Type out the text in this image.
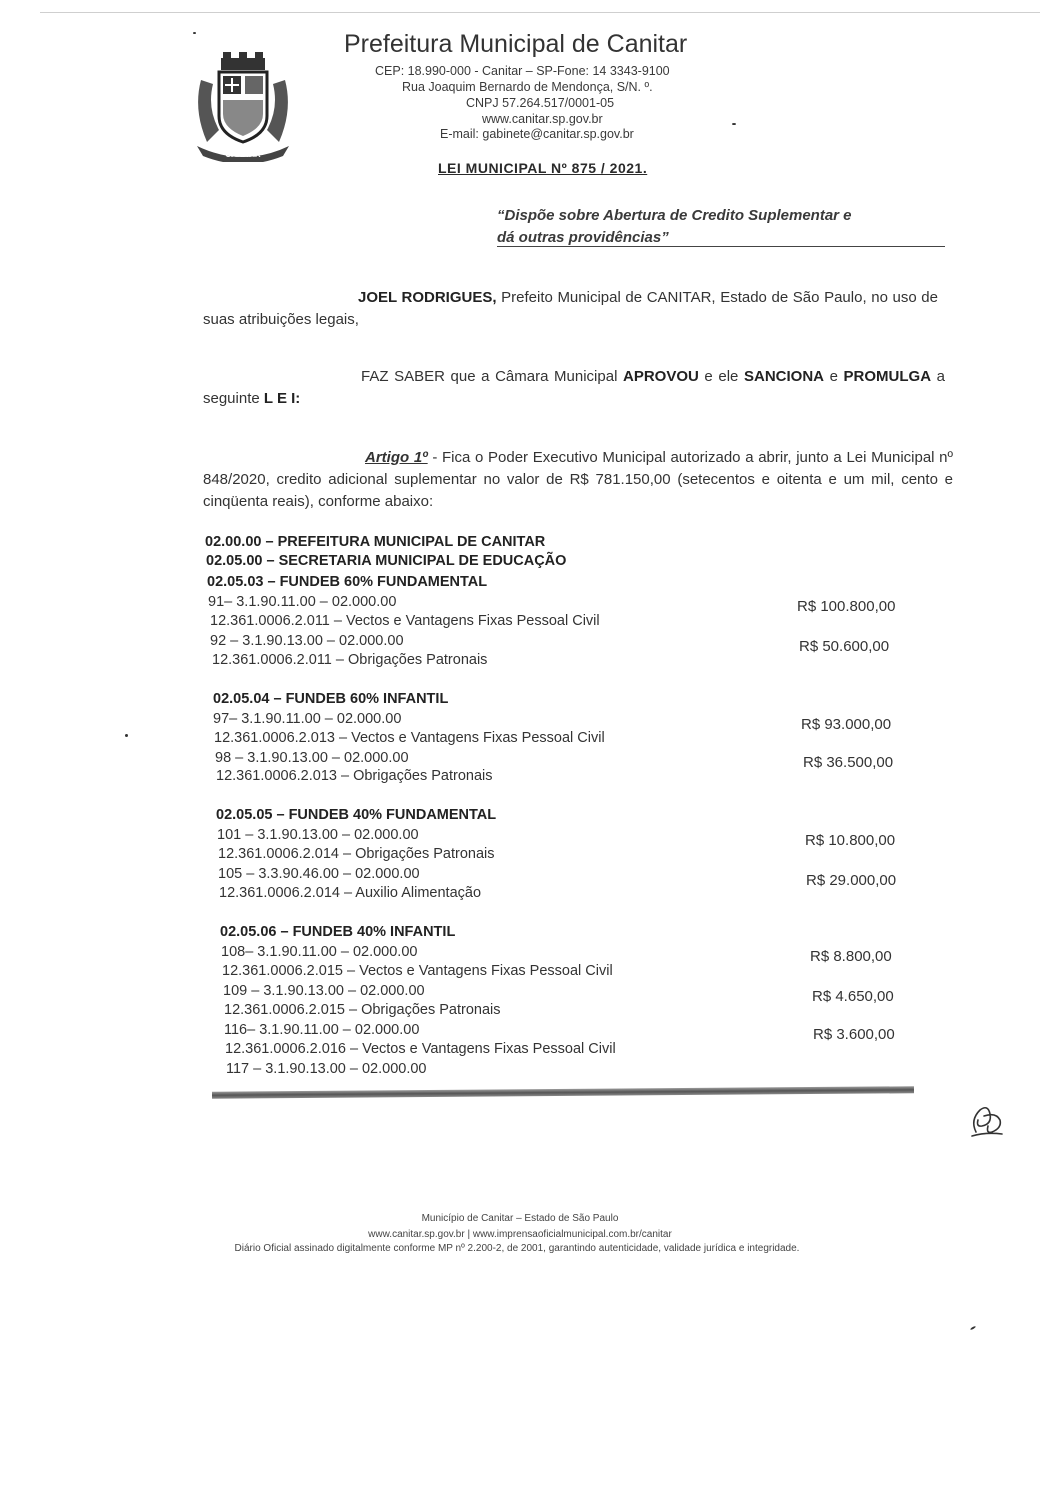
CANITAR
Prefeitura Municipal de Canitar
CEP: 18.990-000 - Canitar – SP-Fone: 14 3343-9100
Rua Joaquim Bernardo de Mendonça, S/N. º.
CNPJ 57.264.517/0001-05
www.canitar.sp.gov.br
E-mail: gabinete@canitar.sp.gov.br
LEI MUNICIPAL Nº 875 / 2021.
“Dispõe sobre Abertura de Credito Suplementar e
dá outras providências”
JOEL RODRIGUES, Prefeito Municipal de CANITAR, Estado de São Paulo, no uso de suas atribuições legais,
FAZ SABER que a Câmara Municipal APROVOU e ele SANCIONA e PROMULGA a seguinte L E I:
Artigo 1º - Fica o Poder Executivo Municipal autorizado a abrir, junto a Lei Municipal nº 848/2020, credito adicional suplementar no valor de R$ 781.150,00 (setecentos e oitenta e um mil, cento e cinqüenta reais), conforme abaixo:
02.00.00 – PREFEITURA MUNICIPAL DE CANITAR
02.05.00 – SECRETARIA MUNICIPAL DE EDUCAÇÃO
02.05.03 – FUNDEB 60% FUNDAMENTAL
91– 3.1.90.11.00 – 02.000.00
12.361.0006.2.011 – Vectos e Vantagens Fixas Pessoal Civil
R$ 100.800,00
92 – 3.1.90.13.00 – 02.000.00
12.361.0006.2.011 – Obrigações Patronais
R$ 50.600,00
02.05.04 – FUNDEB 60% INFANTIL
97– 3.1.90.11.00 – 02.000.00
12.361.0006.2.013 – Vectos e Vantagens Fixas Pessoal Civil
R$ 93.000,00
98 – 3.1.90.13.00 – 02.000.00
12.361.0006.2.013 – Obrigações Patronais
R$ 36.500,00
02.05.05 – FUNDEB 40% FUNDAMENTAL
101 – 3.1.90.13.00 – 02.000.00
12.361.0006.2.014 – Obrigações Patronais
R$ 10.800,00
105 – 3.3.90.46.00 – 02.000.00
12.361.0006.2.014 – Auxilio Alimentação
R$ 29.000,00
02.05.06 – FUNDEB 40% INFANTIL
108– 3.1.90.11.00 – 02.000.00
12.361.0006.2.015 – Vectos e Vantagens Fixas Pessoal Civil
R$ 8.800,00
109 – 3.1.90.13.00 – 02.000.00
12.361.0006.2.015 – Obrigações Patronais
R$ 4.650,00
116– 3.1.90.11.00 – 02.000.00
12.361.0006.2.016 – Vectos e Vantagens Fixas Pessoal Civil
R$ 3.600,00
117 – 3.1.90.13.00 – 02.000.00
Município de Canitar – Estado de São Paulo
www.canitar.sp.gov.br | www.imprensaoficialmunicipal.com.br/canitar
Diário Oficial assinado digitalmente conforme MP nº 2.200-2, de 2001, garantindo autenticidade, validade jurídica e integridade.
